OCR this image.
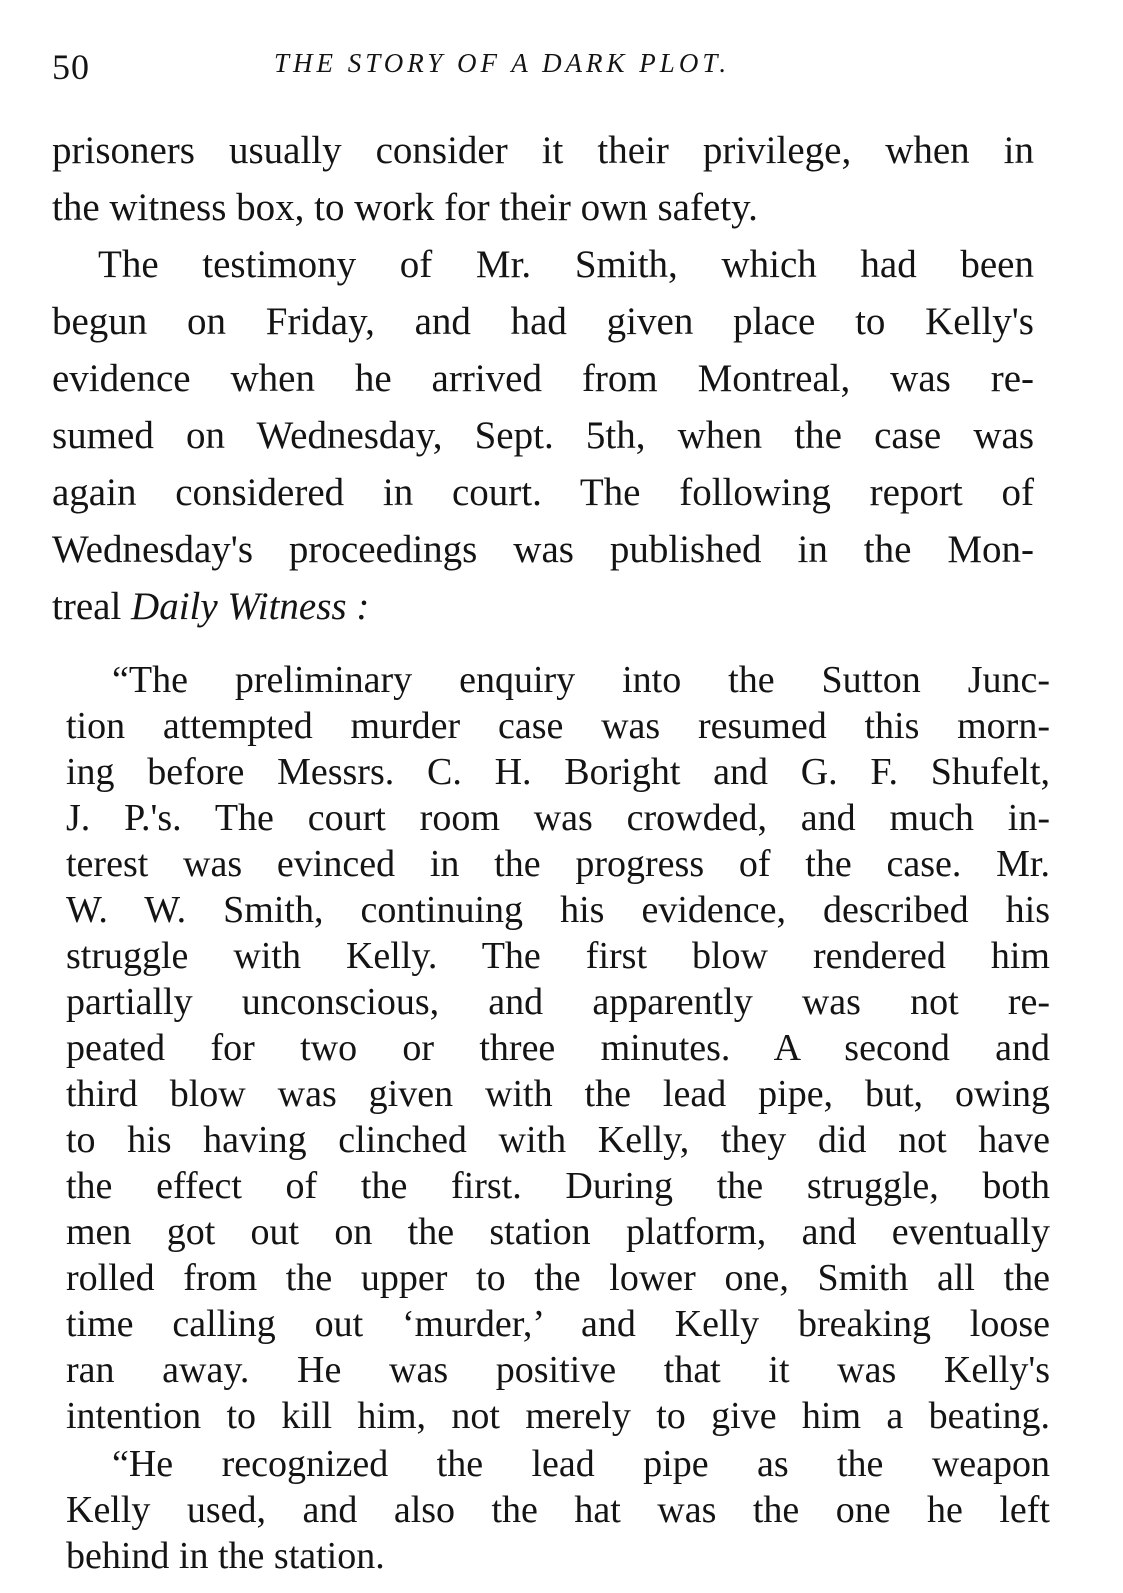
50	THE STORY OF A DARK PLOT.
prisoners usually consider it their privilege, when in
the witness box, to work for their own safety.
The testimony of Mr. Smith, which had been
begun on Friday, and had given place to Kelly's
evidence when he arrived from Montreal, was re-
sumed on Wednesday, Sept. 5th, when the case was
again considered in court. The following report of
Wednesday's proceedings was published in the Mon-
treal Daily Witness :
“The preliminary enquiry into the Sutton Junc-
tion attempted murder case was resumed this morn-
ing before Messrs. C. H. Boright and G. F. Shufelt,
J. P.'s. The court room was crowded, and much in-
terest was evinced in the progress of the case. Mr.
W. W. Smith, continuing his evidence, described his
struggle with Kelly. The first blow rendered him
partially unconscious, and apparently was not re-
peated for two or three minutes. A second and
third blow was given with the lead pipe, but, owing
to his having clinched with Kelly, they did not have
the effect of the first. During the struggle, both
men got out on the station platform, and eventually
rolled from the upper to the lower one, Smith all the
time calling out ‘murder,’ and Kelly breaking loose
ran away. He was positive that it was Kelly's
intention to kill him, not merely to give him a beating.
“He recognized the lead pipe as the weapon
Kelly used, and also the hat was the one he left
behind in the station.
